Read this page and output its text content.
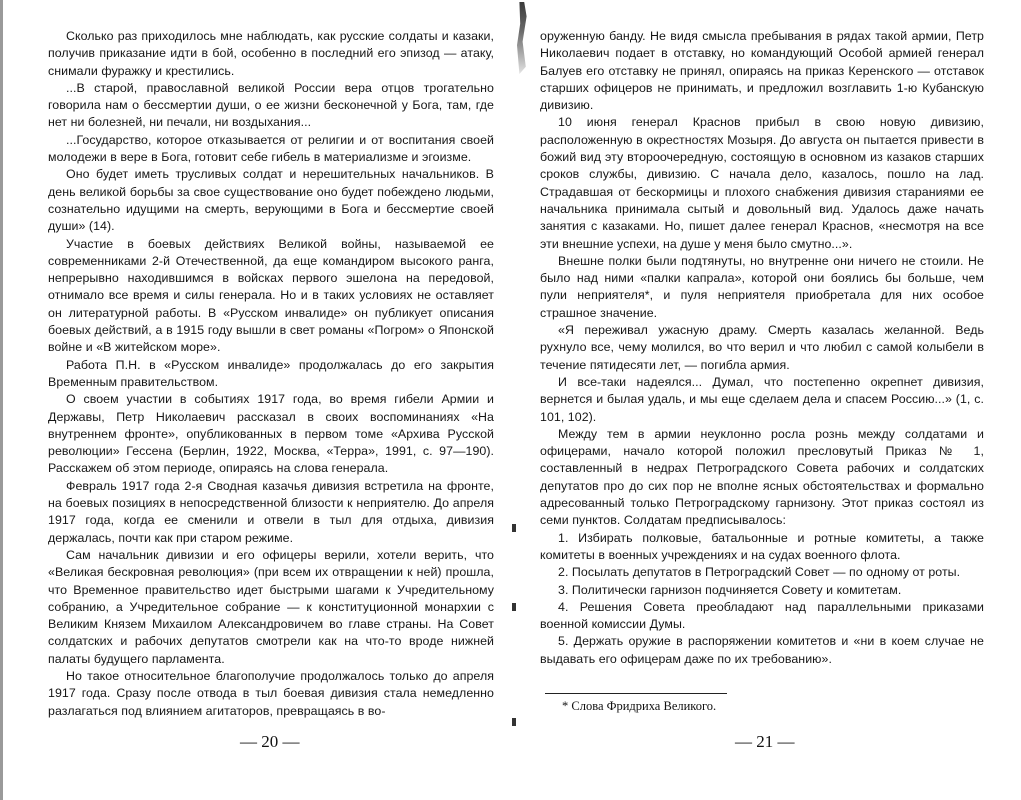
Сколько раз приходилось мне наблюдать, как русские солдаты и казаки, получив приказание идти в бой, особенно в последний его эпизод — атаку, снимали фуражку и крестились.

...В старой, православной великой России вера отцов трогательно говорила нам о бессмертии души, о ее жизни бесконечной у Бога, там, где нет ни болезней, ни печали, ни воздыхания...

...Государство, которое отказывается от религии и от воспитания своей молодежи в вере в Бога, готовит себе гибель в материализме и эгоизме.

Оно будет иметь трусливых солдат и нерешительных начальников. В день великой борьбы за свое существование оно будет побеждено людьми, сознательно идущими на смерть, верующими в Бога и бессмертие своей души» (14).

Участие в боевых действиях Великой войны, называемой ее современниками 2-й Отечественной, да еще командиром высокого ранга, непрерывно находившимся в войсках первого эшелона на передовой, отнимало все время и силы генерала. Но и в таких условиях не оставляет он литературной работы. В «Русском инвалиде» он публикует описания боевых действий, а в 1915 году вышли в свет романы «Погром» о Японской войне и «В житейском море».

Работа П.Н. в «Русском инвалиде» продолжалась до его закрытия Временным правительством.

О своем участии в событиях 1917 года, во время гибели Армии и Державы, Петр Николаевич рассказал в своих воспоминаниях «На внутреннем фронте», опубликованных в первом томе «Архива Русской революции» Гессена (Берлин, 1922, Москва, «Терра», 1991, с. 97—190). Расскажем об этом периоде, опираясь на слова генерала.

Февраль 1917 года 2-я Сводная казачья дивизия встретила на фронте, на боевых позициях в непосредственной близости к неприятелю. До апреля 1917 года, когда ее сменили и отвели в тыл для отдыха, дивизия держалась, почти как при старом режиме.

Сам начальник дивизии и его офицеры верили, хотели верить, что «Великая бескровная революция» (при всем их отвращении к ней) прошла, что Временное правительство идет быстрыми шагами к Учредительному собранию, а Учредительное собрание — к конституционной монархии с Великим Князем Михаилом Александровичем во главе страны. На Совет солдатских и рабочих депутатов смотрели как на что-то вроде нижней палаты будущего парламента.

Но такое относительное благополучие продолжалось только до апреля 1917 года. Сразу после отвода в тыл боевая дивизия стала немедленно разлагаться под влиянием агитаторов, превращаясь в во-

— 20 —

оруженную банду. Не видя смысла пребывания в рядах такой армии, Петр Николаевич подает в отставку, но командующий Особой армией генерал Балуев его отставку не принял, опираясь на приказ Керенского — отставок старших офицеров не принимать, и предложил возглавить 1-ю Кубанскую дивизию.

10 июня генерал Краснов прибыл в свою новую дивизию, расположенную в окрестностях Мозыря. До августа он пытается привести в божий вид эту второочередную, состоящую в основном из казаков старших сроков службы, дивизию. С начала дело, казалось, пошло на лад. Страдавшая от бескормицы и плохого снабжения дивизия стараниями ее начальника принимала сытый и довольный вид. Удалось даже начать занятия с казаками. Но, пишет далее генерал Краснов, «несмотря на все эти внешние успехи, на душе у меня было смутно...».

Внешне полки были подтянуты, но внутренне они ничего не стоили. Не было над ними «палки капрала», которой они боялись бы больше, чем пули неприятеля*, и пуля неприятеля приобретала для них особое страшное значение.

«Я переживал ужасную драму. Смерть казалась желанной. Ведь рухнуло все, чему молился, во что верил и что любил с самой колыбели в течение пятидесяти лет, — погибла армия.

И все-таки надеялся... Думал, что постепенно окрепнет дивизия, вернется и былая удаль, и мы еще сделаем дела и спасем Россию...» (1, с. 101, 102).

Между тем в армии неуклонно росла рознь между солдатами и офицерами, начало которой положил пресловутый Приказ № 1, составленный в недрах Петроградского Совета рабочих и солдатских депутатов про до сих пор не вполне ясных обстоятельствах и формально адресованный только Петроградскому гарнизону. Этот приказ состоял из семи пунктов. Солдатам предписывалось:

1. Избирать полковые, батальонные и ротные комитеты, а также комитеты в военных учреждениях и на судах военного флота.

2. Посылать депутатов в Петроградский Совет — по одному от роты.

3. Политически гарнизон подчиняется Совету и комитетам.

4. Решения Совета преобладают над параллельными приказами военной комиссии Думы.

5. Держать оружие в распоряжении комитетов и «ни в коем случае не выдавать его офицерам даже по их требованию».

* Слова Фридриха Великого.
— 21 —
